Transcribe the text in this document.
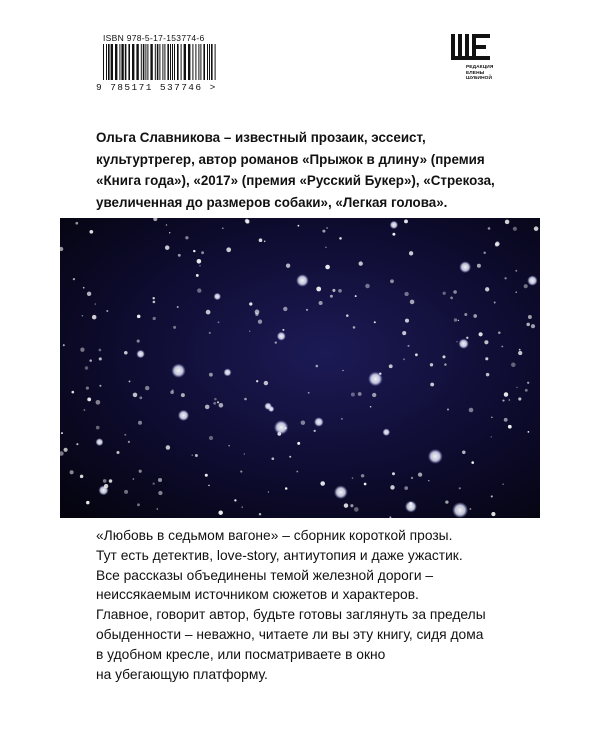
ISBN 978-5-17-153774-6
9 785171 537746 >
РЕДАКЦИЯ
ЕЛЕНЫ ШУБИНОЙ

Ольга Славникова – известный прозаик, эссеист, культуртрегер, автор романов «Прыжок в длину» (премия «Книга года»), «2017» (премия «Русский Букер»), «Стрекоза, увеличенная до размеров собаки», «Легкая голова».

«Любовь в седьмом вагоне» – сборник короткой прозы.
Тут есть детектив, love-story, антиутопия и даже ужастик.
Все рассказы объединены темой железной дороги –
неиссякаемым источником сюжетов и характеров.
Главное, говорит автор, будьте готовы заглянуть за пределы
обыденности – неважно, читаете ли вы эту книгу, сидя дома
в удобном кресле, или посматриваете в окно
на убегающую платформу.
